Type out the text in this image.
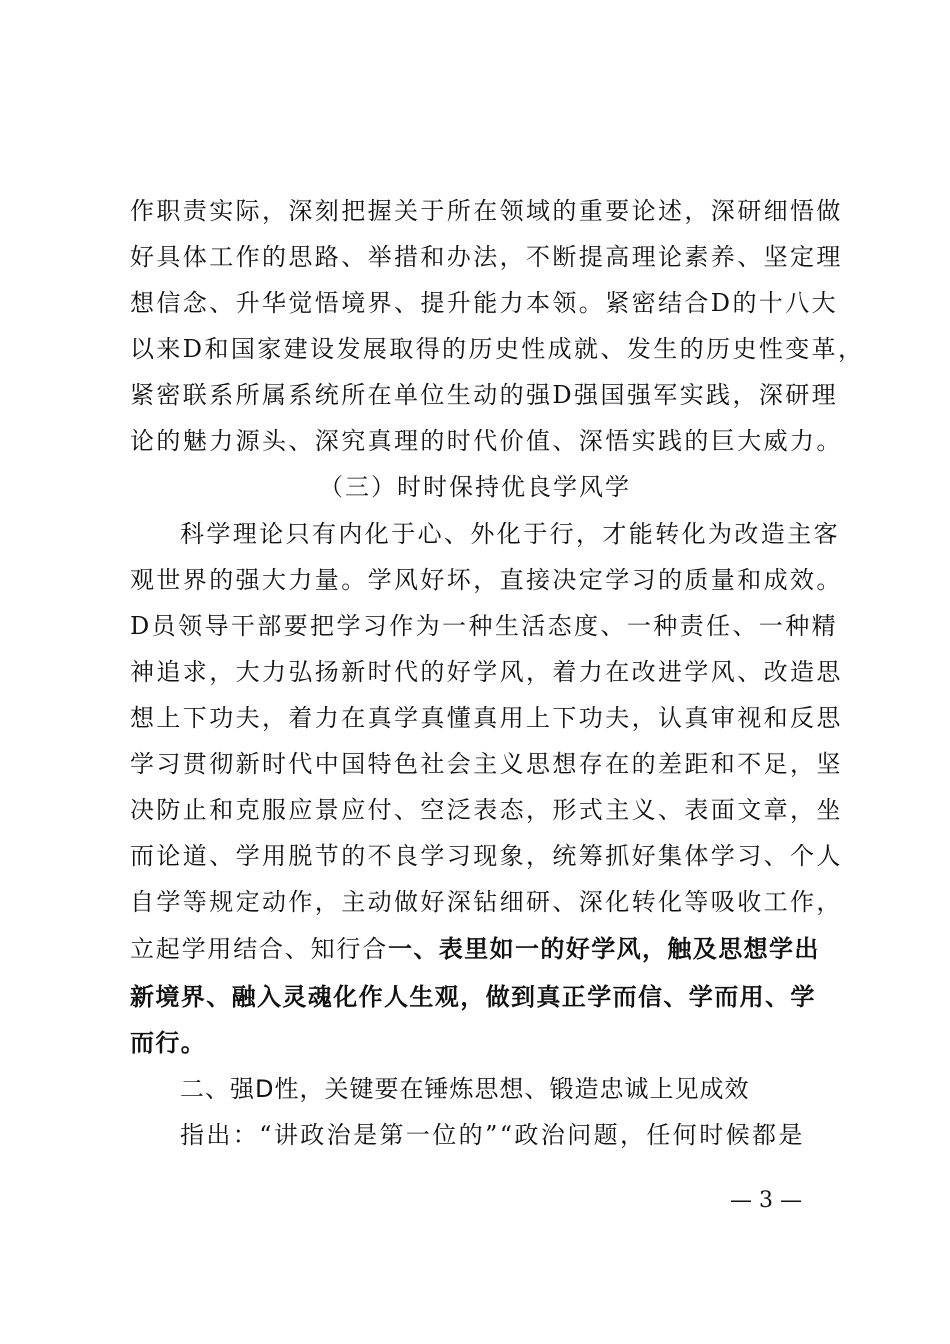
作职责实际，深刻把握关于所在领域的重要论述，深研细悟做
好具体工作的思路、举措和办法，不断提高理论素养、坚定理
想信念、升华觉悟境界、提升能力本领。紧密结合D的十八大
以来D和国家建设发展取得的历史性成就、发生的历史性变革，
紧密联系所属系统所在单位生动的强D强国强军实践，深研理
论的魅力源头、深究真理的时代价值、深悟实践的巨大威力。
（三）时时保持优良学风学
科学理论只有内化于心、外化于行，才能转化为改造主客
观世界的强大力量。学风好坏，直接决定学习的质量和成效。
D员领导干部要把学习作为一种生活态度、一种责任、一种精
神追求，大力弘扬新时代的好学风，着力在改进学风、改造思
想上下功夫，着力在真学真懂真用上下功夫，认真审视和反思
学习贯彻新时代中国特色社会主义思想存在的差距和不足，坚
决防止和克服应景应付、空泛表态，形式主义、表面文章，坐
而论道、学用脱节的不良学习现象，统筹抓好集体学习、个人
自学等规定动作，主动做好深钻细研、深化转化等吸收工作，
立起学用结合、知行合一、表里如一的好学风，触及思想学出
新境界、融入灵魂化作人生观，做到真正学而信、学而用、学
而行。
二、强D性，关键要在锤炼思想、锻造忠诚上见成效
指出：“讲政治是第一位的”“政治问题，任何时候都是
— 3 —
